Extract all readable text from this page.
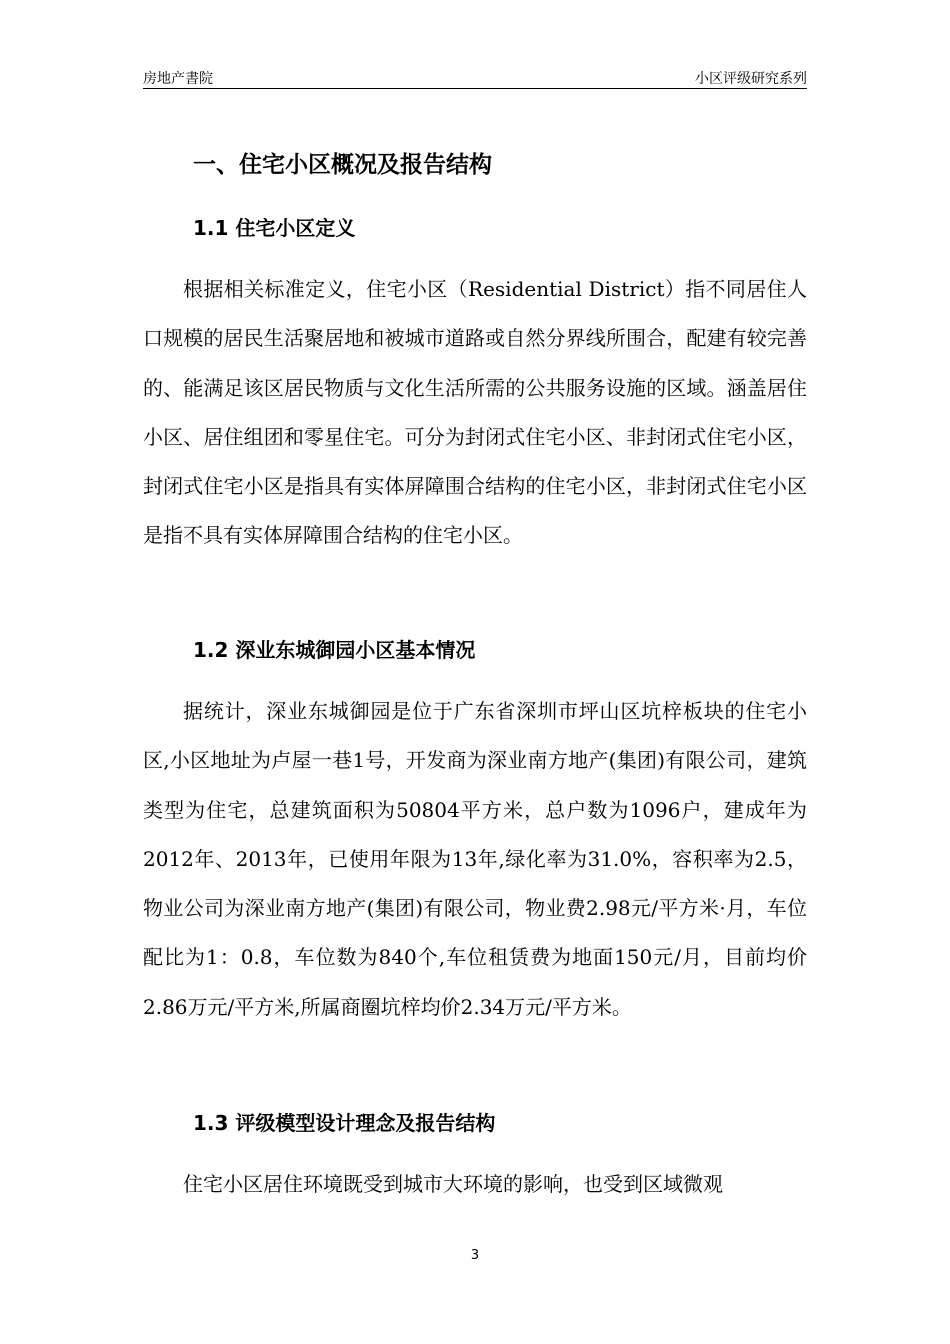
房地产書院	小区评级研究系列
一、住宅小区概况及报告结构
1.1 住宅小区定义

根据相关标准定义，住宅小区（Residential District）指不同居住人口规模的居民生活聚居地和被城市道路或自然分界线所围合，配建有较完善的、能满足该区居民物质与文化生活所需的公共服务设施的区域。涵盖居住小区、居住组团和零星住宅。可分为封闭式住宅小区、非封闭式住宅小区，封闭式住宅小区是指具有实体屏障围合结构的住宅小区，非封闭式住宅小区是指不具有实体屏障围合结构的住宅小区。

1.2 深业东城御园小区基本情况

据统计，深业东城御园是位于广东省深圳市坪山区坑梓板块的住宅小区,小区地址为卢屋一巷1号，开发商为深业南方地产(集团)有限公司，建筑类型为住宅，总建筑面积为50804平方米，总户数为1096户，建成年为2012年、2013年，已使用年限为13年,绿化率为31.0%，容积率为2.5，物业公司为深业南方地产(集团)有限公司，物业费2.98元/平方米·月，车位配比为1：0.8，车位数为840个,车位租赁费为地面150元/月，目前均价2.86万元/平方米,所属商圈坑梓均价2.34万元/平方米。

1.3 评级模型设计理念及报告结构

住宅小区居住环境既受到城市大环境的影响，也受到区域微观

3
